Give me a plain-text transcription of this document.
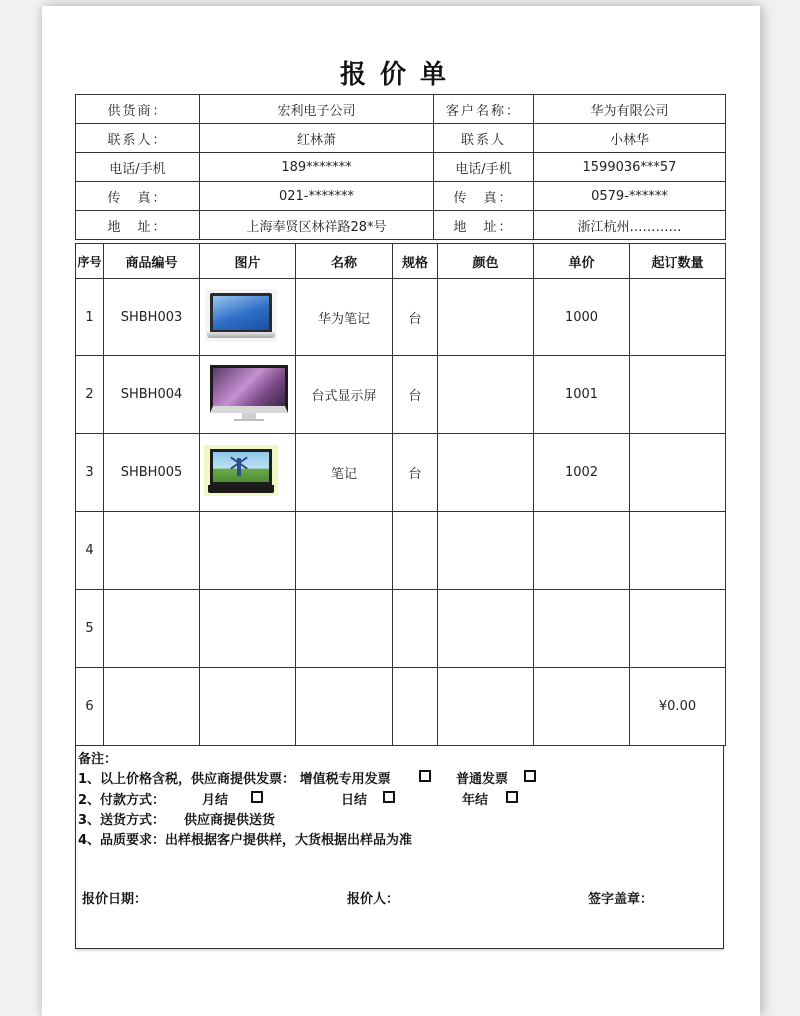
报价单
供货商：	宏利电子公司	客户名称：	华为有限公司
联系人：	红林萧	联系人	小林华
电话/手机	189*******	电话/手机	1599036***57
传　真：	021-*******	传　真：	0579-******
地　址：	上海奉贤区林祥路28*号	地　址：	浙江杭州…………
序号	商品编号	图片	名称	规格	颜色	单价	起订数量
1	SHBH003		华为笔记	台		1000	
2	SHBH004		台式显示屏	台		1001	
3	SHBH005		笔记	台		1002	
4							
5							
6							¥0.00
备注：
1、以上价格含税，供应商提供发票： 增值税专用发票	普通发票
2、付款方式：	月结	日结	年结
3、送货方式： 供应商提供送货
4、品质要求：出样根据客户提供样，大货根据出样品为准
报价日期：	报价人：	签字盖章：
